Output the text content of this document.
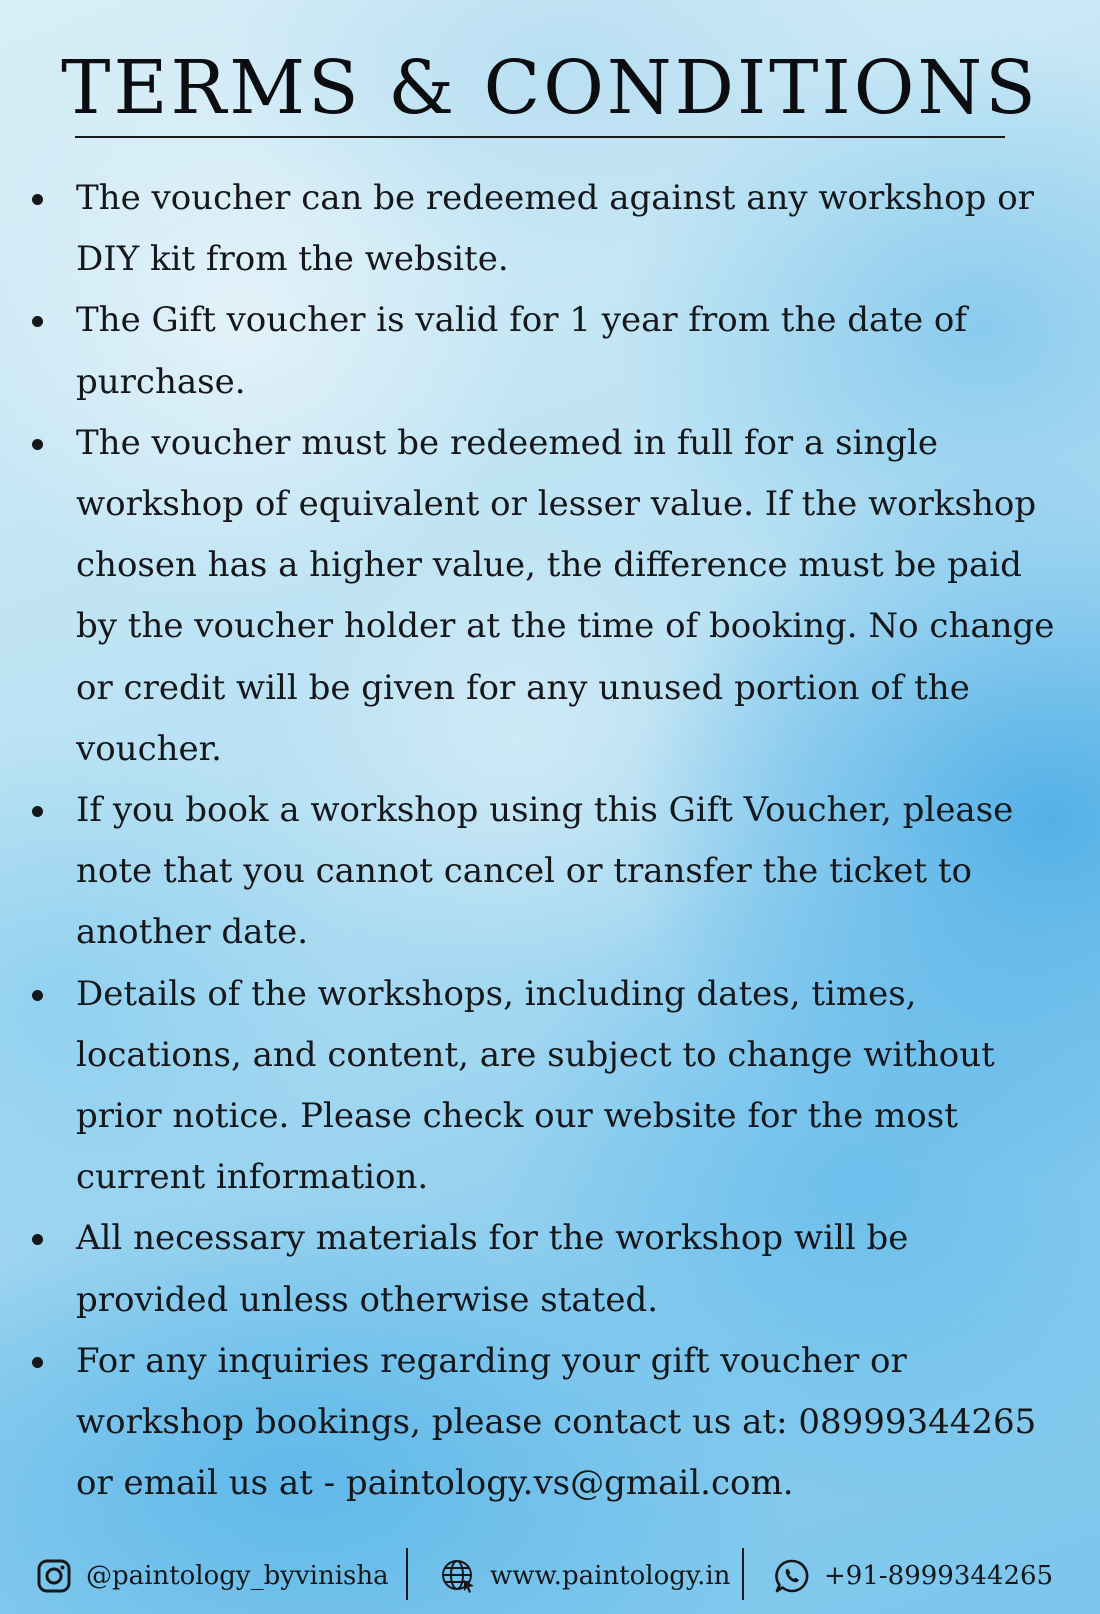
TERMS & CONDITIONS
The voucher can be redeemed against any workshop or DIY kit from the website.
The Gift voucher is valid for 1 year from the date of purchase.
The voucher must be redeemed in full for a single workshop of equivalent or lesser value. If the workshop chosen has a higher value, the difference must be paid by the voucher holder at the time of booking. No change or credit will be given for any unused portion of the voucher.
If you book a workshop using this Gift Voucher, please note that you cannot cancel or transfer the ticket to another date.
Details of the workshops, including dates, times, locations, and content, are subject to change without prior notice. Please check our website for the most current information.
All necessary materials for the workshop will be provided unless otherwise stated.
For any inquiries regarding your gift voucher or workshop bookings, please contact us at: 08999344265 or email us at - paintology.vs@gmail.com.
@paintology_byvinisha	www.paintology.in	+91-8999344265
